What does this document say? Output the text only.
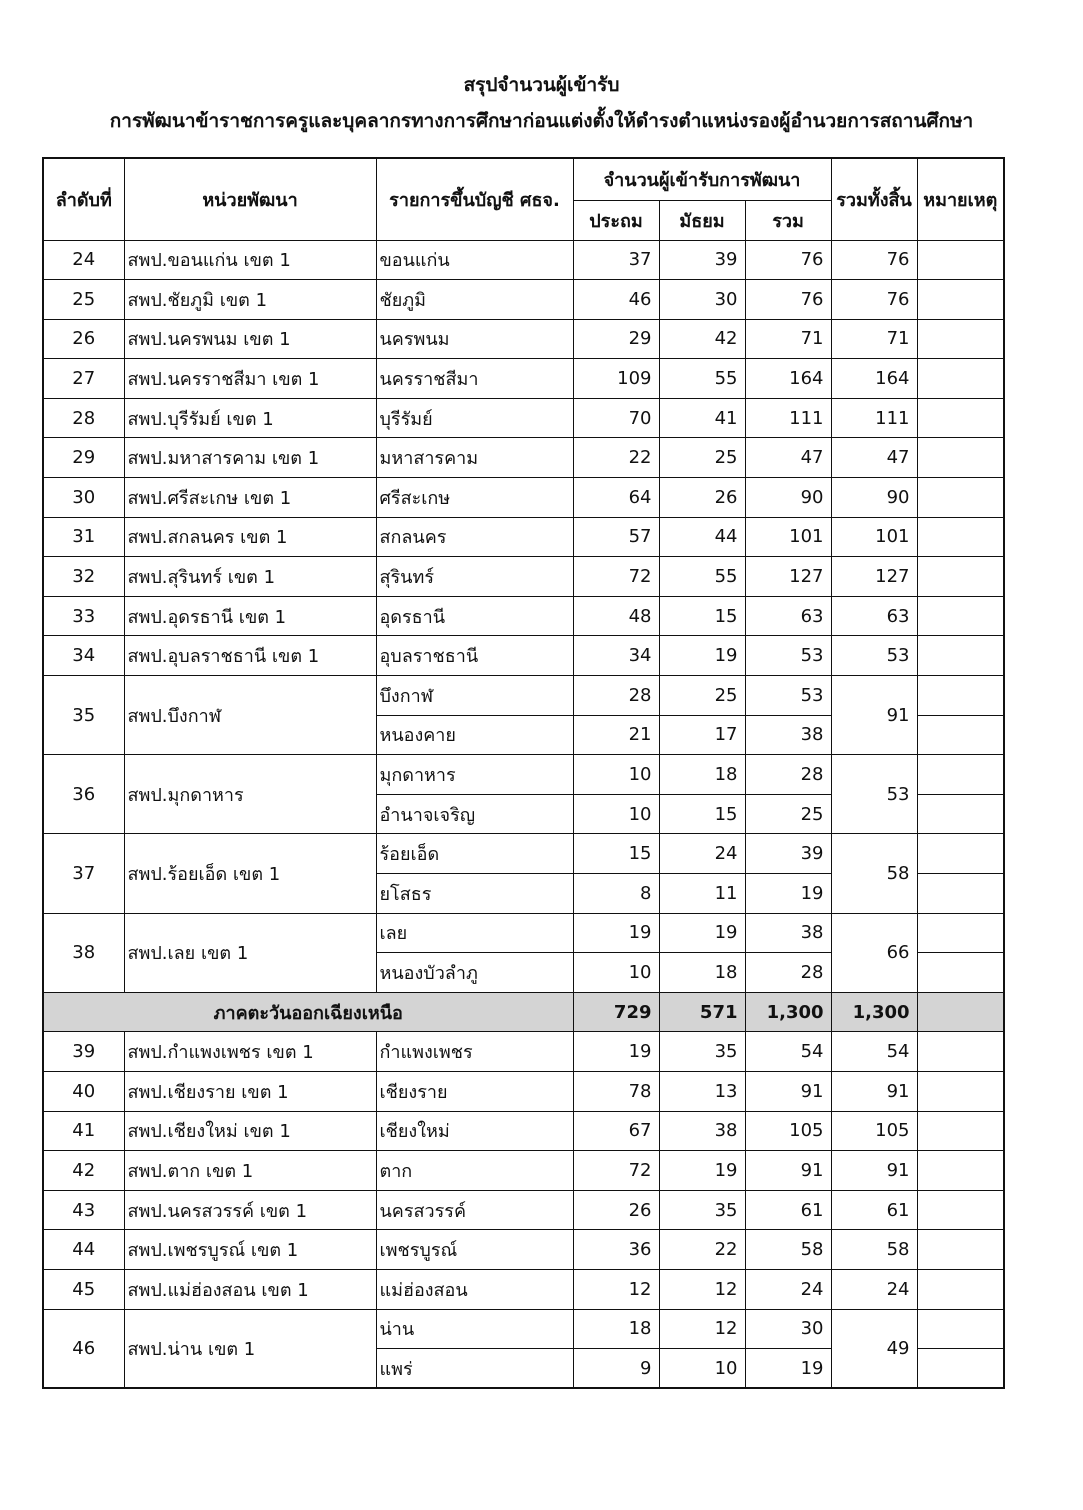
สรุปจำนวนผู้เข้ารับ
การพัฒนาข้าราชการครูและบุคลากรทางการศึกษาก่อนแต่งตั้งให้ดำรงตำแหน่งรองผู้อำนวยการสถานศึกษา
ลำดับที่	หน่วยพัฒนา	รายการขึ้นบัญชี ศธจ.	จำนวนผู้เข้ารับการพัฒนา			รวมทั้งสิ้น	หมายเหตุ
			ประถม	มัธยม	รวม		
24	สพป.ขอนแก่น เขต 1	ขอนแก่น	37	39	76	76	
25	สพป.ชัยภูมิ เขต 1	ชัยภูมิ	46	30	76	76	
26	สพป.นครพนม เขต 1	นครพนม	29	42	71	71	
27	สพป.นครราชสีมา เขต 1	นครราชสีมา	109	55	164	164	
28	สพป.บุรีรัมย์ เขต 1	บุรีรัมย์	70	41	111	111	
29	สพป.มหาสารคาม เขต 1	มหาสารคาม	22	25	47	47	
30	สพป.ศรีสะเกษ เขต 1	ศรีสะเกษ	64	26	90	90	
31	สพป.สกลนคร เขต 1	สกลนคร	57	44	101	101	
32	สพป.สุรินทร์ เขต 1	สุรินทร์	72	55	127	127	
33	สพป.อุดรธานี เขต 1	อุดรธานี	48	15	63	63	
34	สพป.อุบลราชธานี เขต 1	อุบลราชธานี	34	19	53	53	
35	สพป.บึงกาฬ	บึงกาฬ	28	25	53	91	
		หนองคาย	21	17	38		
36	สพป.มุกดาหาร	มุกดาหาร	10	18	28	53	
		อำนาจเจริญ	10	15	25		
37	สพป.ร้อยเอ็ด เขต 1	ร้อยเอ็ด	15	24	39	58	
		ยโสธร	8	11	19		
38	สพป.เลย เขต 1	เลย	19	19	38	66	
		หนองบัวลำภู	10	18	28		
ภาคตะวันออกเฉียงเหนือ			729	571	1,300	1,300	
39	สพป.กำแพงเพชร เขต 1	กำแพงเพชร	19	35	54	54	
40	สพป.เชียงราย เขต 1	เชียงราย	78	13	91	91	
41	สพป.เชียงใหม่ เขต 1	เชียงใหม่	67	38	105	105	
42	สพป.ตาก เขต 1	ตาก	72	19	91	91	
43	สพป.นครสวรรค์ เขต 1	นครสวรรค์	26	35	61	61	
44	สพป.เพชรบูรณ์ เขต 1	เพชรบูรณ์	36	22	58	58	
45	สพป.แม่ฮ่องสอน เขต 1	แม่ฮ่องสอน	12	12	24	24	
46	สพป.น่าน เขต 1	น่าน	18	12	30	49	
		แพร่	9	10	19		
